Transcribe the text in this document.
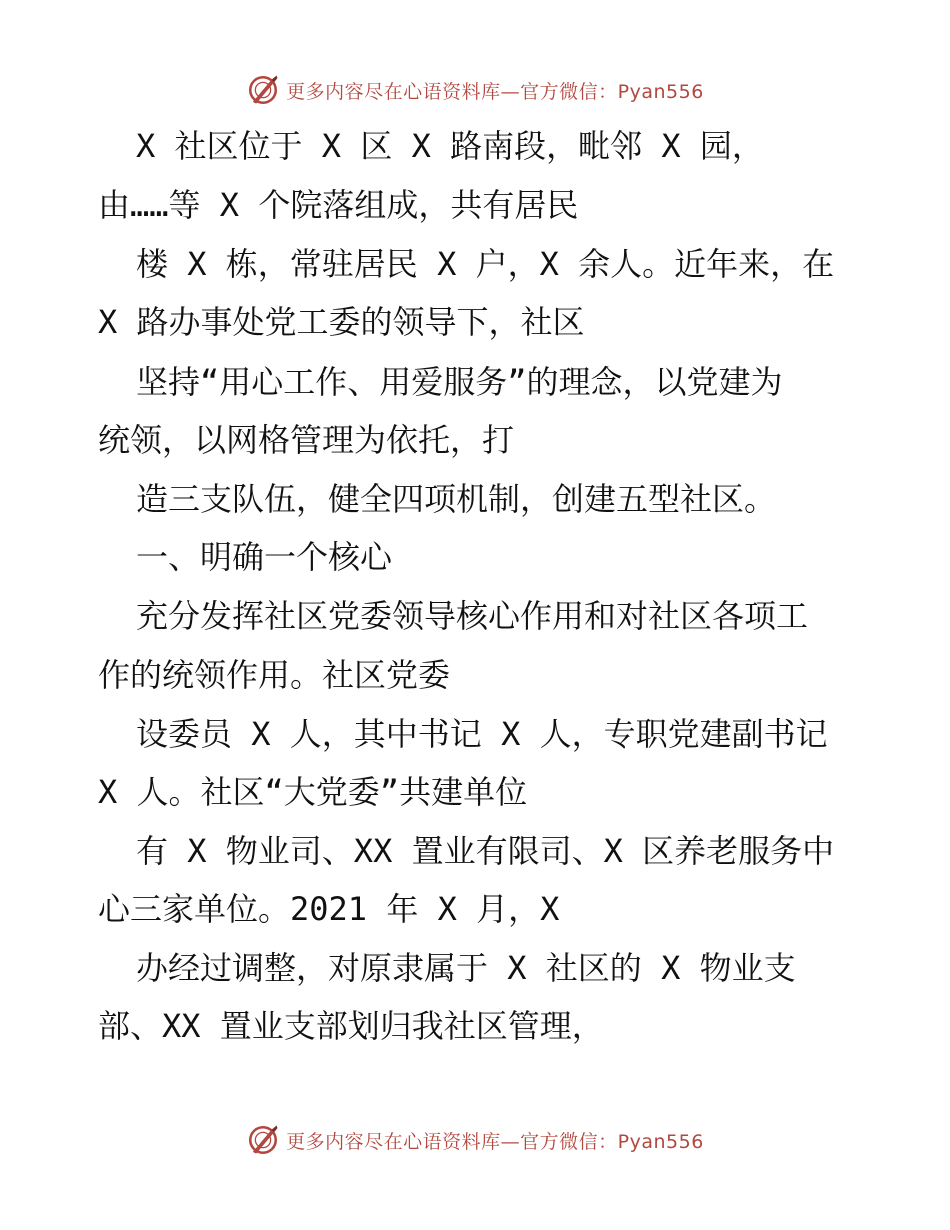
更多内容尽在心语资料库—官方微信：Pyan556
X 社区位于 X 区 X 路南段，毗邻 X 园，
由……等 X 个院落组成，共有居民
楼 X 栋，常驻居民 X 户，X 余人。近年来，在
X 路办事处党工委的领导下，社区
坚持“用心工作、用爱服务”的理念，以党建为
统领，以网格管理为依托，打
造三支队伍，健全四项机制，创建五型社区。
一、明确一个核心
充分发挥社区党委领导核心作用和对社区各项工
作的统领作用。社区党委
设委员 X 人，其中书记 X 人，专职党建副书记
X 人。社区“大党委”共建单位
有 X 物业司、XX 置业有限司、X 区养老服务中
心三家单位。2021 年 X 月，X
办经过调整，对原隶属于 X 社区的 X 物业支
部、XX 置业支部划归我社区管理，
更多内容尽在心语资料库—官方微信：Pyan556
